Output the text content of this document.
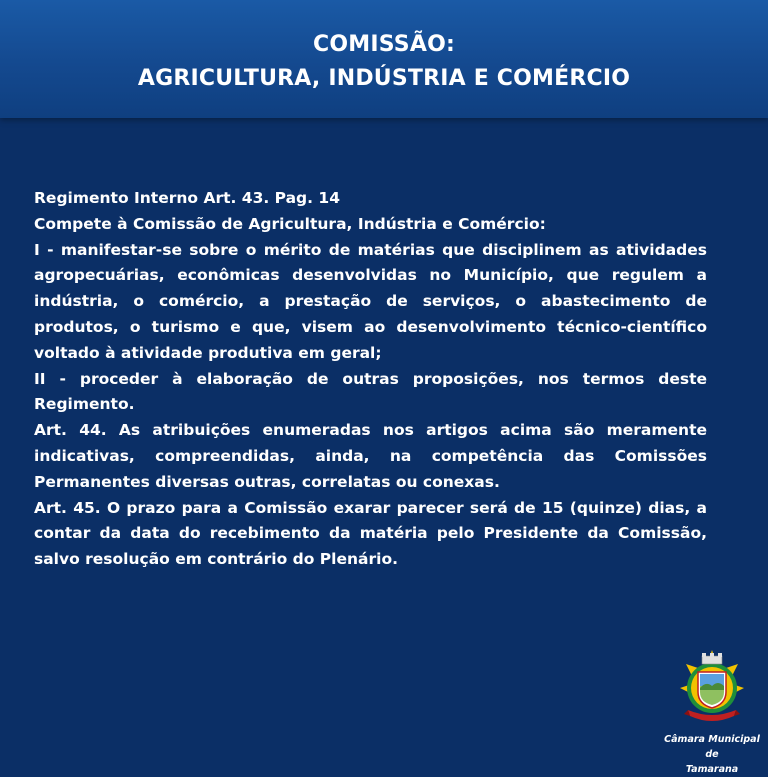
COMISSÃO:
AGRICULTURA, INDÚSTRIA E COMÉRCIO

Regimento Interno Art. 43. Pag. 14

Compete à Comissão de Agricultura, Indústria e Comércio:

I - manifestar-se sobre o mérito de matérias que disciplinem as atividades agropecuárias, econômicas desenvolvidas no Município, que regulem a indústria, o comércio, a prestação de serviços, o abastecimento de produtos, o turismo e que, visem ao desenvolvimento técnico-científico voltado à atividade produtiva em geral;

II - proceder à elaboração de outras proposições, nos termos deste Regimento.

Art. 44. As atribuições enumeradas nos artigos acima são meramente indicativas, compreendidas, ainda, na competência das Comissões Permanentes diversas outras, correlatas ou conexas.

Art. 45. O prazo para a Comissão exarar parecer será de 15 (quinze) dias, a contar da data do recebimento da matéria pelo Presidente da Comissão, salvo resolução em contrário do Plenário.

Câmara Municipal de
Tamarana
